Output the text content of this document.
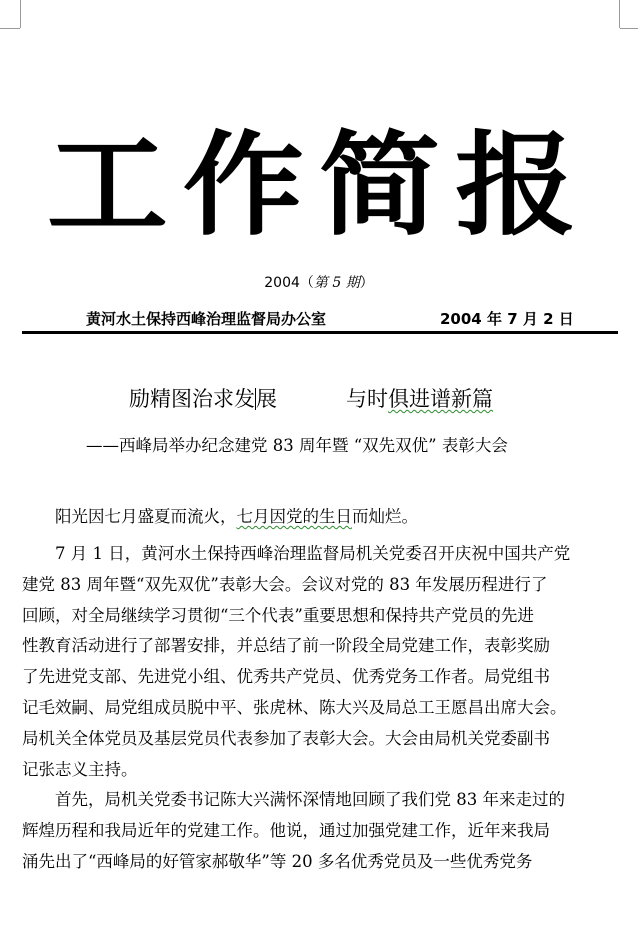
工作简报
2004（第 5 期）
黄河水土保持西峰治理监督局办公室	2004 年 7 月 2 日
励精图治求发展	与时俱进谱新篇
——西峰局举办纪念建党 83 周年暨 “双先双优” 表彰大会
阳光因七月盛夏而流火，七月因党的生日而灿烂。
7 月 1 日，黄河水土保持西峰治理监督局机关党委召开庆祝中国共产党
建党 83 周年暨“双先双优”表彰大会。会议对党的 83 年发展历程进行了
回顾，对全局继续学习贯彻“三个代表”重要思想和保持共产党员的先进
性教育活动进行了部署安排，并总结了前一阶段全局党建工作，表彰奖励
了先进党支部、先进党小组、优秀共产党员、优秀党务工作者。局党组书
记毛效嗣、局党组成员脱中平、张虎林、陈大兴及局总工王愿昌出席大会。
局机关全体党员及基层党员代表参加了表彰大会。大会由局机关党委副书
记张志义主持。
首先，局机关党委书记陈大兴满怀深情地回顾了我们党 83 年来走过的
辉煌历程和我局近年的党建工作。他说，通过加强党建工作，近年来我局
涌先出了“西峰局的好管家郝敬华”等 20 多名优秀党员及一些优秀党务
